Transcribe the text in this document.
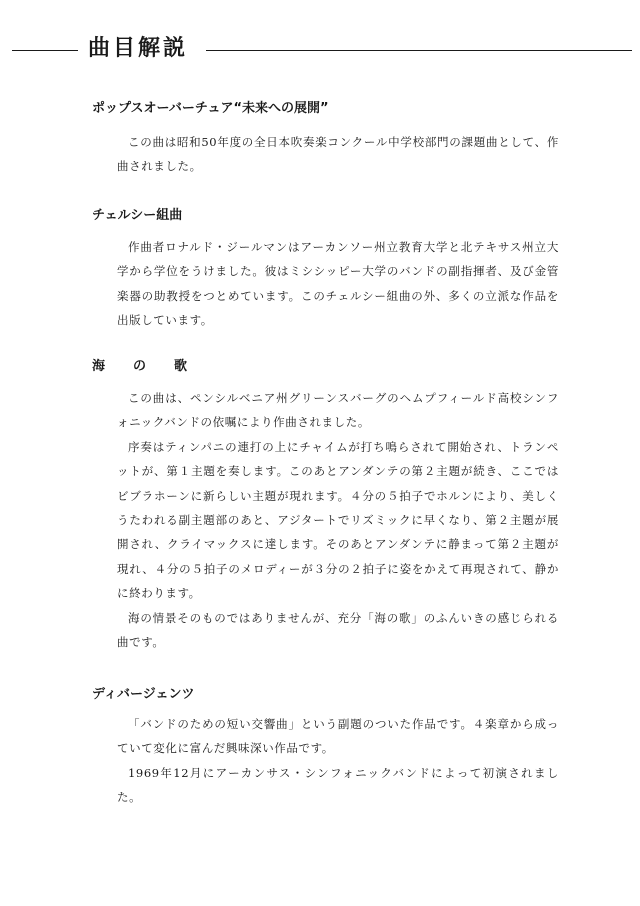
曲目解説
ポップスオーバーチュア“未来への展開”

この曲は昭和50年度の全日本吹奏楽コンクール中学校部門の課題曲として、作曲されました。

チェルシー組曲

作曲者ロナルド・ジールマンはアーカンソー州立教育大学と北テキサス州立大学から学位をうけました。彼はミシシッピー大学のバンドの副指揮者、及び金管楽器の助教授をつとめています。このチェルシー組曲の外、多くの立派な作品を出版しています。

海の歌

この曲は、ペンシルベニア州グリーンスバーグのヘムプフィールド高校シンフォニックバンドの依嘱により作曲されました。

序奏はティンパニの連打の上にチャイムが打ち鳴らされて開始され、トランペットが、第１主題を奏します。このあとアンダンテの第２主題が続き、ここではビブラホーンに新らしい主題が現れます。４分の５拍子でホルンにより、美しくうたわれる副主題部のあと、アジタートでリズミックに早くなり、第２主題が展開され、クライマックスに達します。そのあとアンダンテに静まって第２主題が現れ、４分の５拍子のメロディーが３分の２拍子に姿をかえて再現されて、静かに終わります。

海の情景そのものではありませんが、充分「海の歌」のふんいきの感じられる曲です。

ディバージェンツ

「バンドのための短い交響曲」という副題のついた作品です。４楽章から成っていて変化に富んだ興味深い作品です。

1969年12月にアーカンサス・シンフォニックバンドによって初演されました。
